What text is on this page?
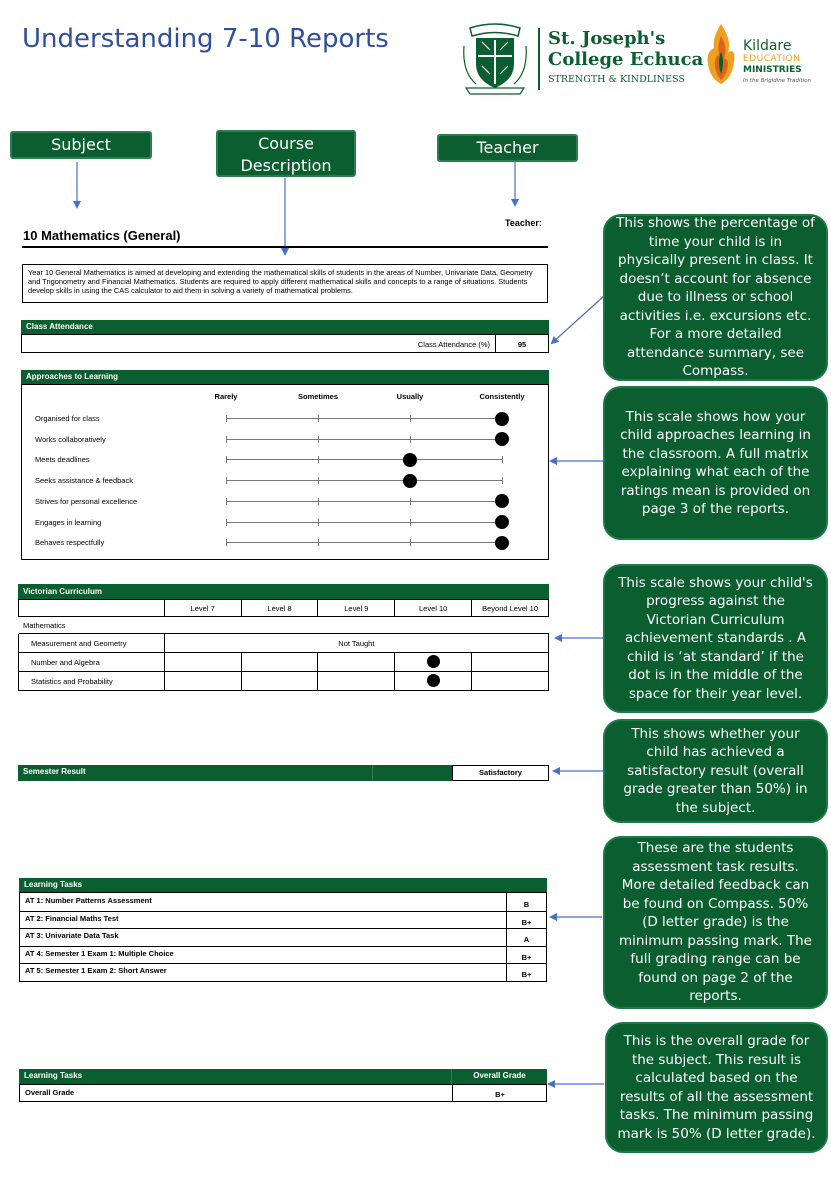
Understanding 7-10 Reports	St. Joseph's
College Echuca
STRENGTH & KINDLINESS
Kildare
EDUCATION
MINISTRIES
In the Brigidine Tradition
Subject	Course
Description
Teacher
Teacher:
10 Mathematics (General)
Year 10 General Mathematics is aimed at developing and extending the mathematical skills of students in the areas of Number, Univariate Data, Geometry and Trigonometry and Financial Mathematics. Students are required to apply different mathematical skills and concepts to a range of situations. Students develop skills in using the CAS calculator to aid them in solving a variety of mathematical problems.
Class Attendance
Class Attendance (%)	95
Approaches to Learning
Rarely	Sometimes	Usually	Consistently
Organised for class
Works collaboratively
Meets deadlines
Seeks assistance & feedback
Strives for personal excellence
Engages in learning
Behaves respectfully
Victorian Curriculum
	Level 7	Level 8	Level 9	Level 10	Beyond Level 10
Mathematics					
Measurement and Geometry	Not Taught				
Number and Algebra					
Statistics and Probability					
Semester Result	Satisfactory
Learning Tasks
AT 1: Number Patterns Assessment	B
AT 2: Financial Maths Test	B+
AT 3: Univariate Data Task	A
AT 4: Semester 1 Exam 1: Multiple Choice	B+
AT 5: Semester 1 Exam 2: Short Answer	B+
Learning Tasks	Overall Grade
Overall Grade	B+
This shows the percentage of time your child is in physically present in class. It doesn’t account for absence due to illness or school activities i.e. excursions etc. For a more detailed attendance summary, see Compass.
This scale shows how your child approaches learning in the classroom. A full matrix explaining what each of the ratings mean is provided on page 3 of the reports.
This scale shows your child's progress against the Victorian Curriculum achievement standards . A child is ‘at standard’ if the dot is in the middle of the space for their year level.
This shows whether your child has achieved a satisfactory result (overall grade greater than 50%) in the subject.
These are the students assessment task results. More detailed feedback can be found on Compass. 50% (D letter grade) is the minimum passing mark. The full grading range can be found on page 2 of the reports.
This is the overall grade for the subject. This result is calculated based on the results of all the assessment tasks. The minimum passing mark is 50% (D letter grade).
